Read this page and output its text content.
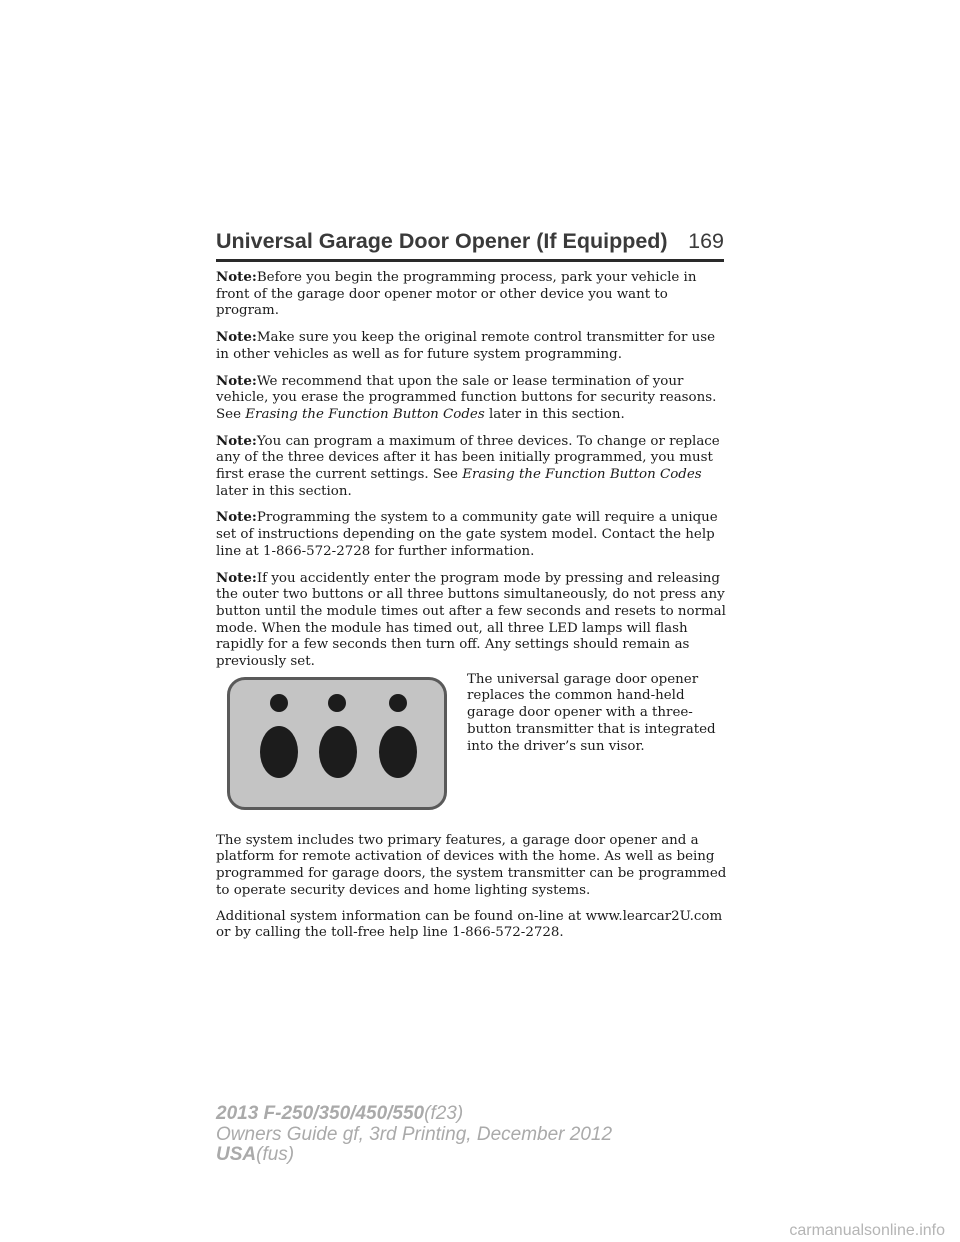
Universal Garage Door Opener (If Equipped) 169

Note:Before you begin the programming process, park your vehicle in front of the garage door opener motor or other device you want to program.

Note:Make sure you keep the original remote control transmitter for use in other vehicles as well as for future system programming.

Note:We recommend that upon the sale or lease termination of your vehicle, you erase the programmed function buttons for security reasons. See Erasing the Function Button Codes later in this section.

Note:You can program a maximum of three devices. To change or replace any of the three devices after it has been initially programmed, you must first erase the current settings. See Erasing the Function Button Codes later in this section.

Note:Programming the system to a community gate will require a unique set of instructions depending on the gate system model. Contact the help line at 1-866-572-2728 for further information.

Note:If you accidently enter the program mode by pressing and releasing the outer two buttons or all three buttons simultaneously, do not press any button until the module times out after a few seconds and resets to normal mode. When the module has timed out, all three LED lamps will flash rapidly for a few seconds then turn off. Any settings should remain as previously set.

The universal garage door opener replaces the common hand-held garage door opener with a three-button transmitter that is integrated into the driver’s sun visor.

The system includes two primary features, a garage door opener and a platform for remote activation of devices with the home. As well as being programmed for garage doors, the system transmitter can be programmed to operate security devices and home lighting systems.

Additional system information can be found on-line at www.learcar2U.com or by calling the toll-free help line 1-866-572-2728.

2013 F-250/350/450/550(f23)
Owners Guide gf, 3rd Printing, December 2012
USA(fus)
carmanualsonline.info
